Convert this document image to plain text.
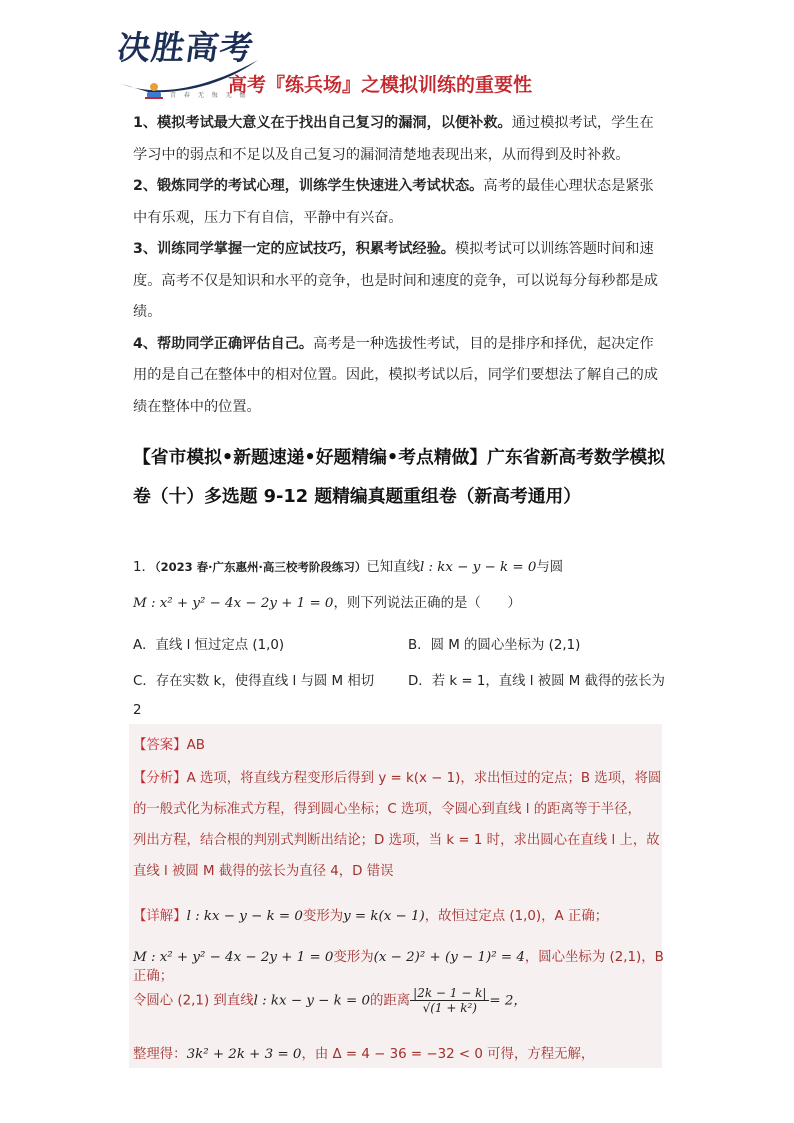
决胜高考
青 春 无 悔 无 憾
高考『练兵场』之模拟训练的重要性

1、模拟考试最大意义在于找出自己复习的漏洞，以便补救。通过模拟考试，学生在学习中的弱点和不足以及自己复习的漏洞清楚地表现出来，从而得到及时补救。

2、锻炼同学的考试心理，训练学生快速进入考试状态。高考的最佳心理状态是紧张中有乐观，压力下有自信，平静中有兴奋。

3、训练同学掌握一定的应试技巧，积累考试经验。模拟考试可以训练答题时间和速度。高考不仅是知识和水平的竞争，也是时间和速度的竞争，可以说每分每秒都是成绩。

4、帮助同学正确评估自己。高考是一种选拔性考试，目的是排序和择优，起决定作用的是自己在整体中的相对位置。因此，模拟考试以后，同学们要想法了解自己的成绩在整体中的位置。

【省市模拟•新题速递•好题精编•考点精做】广东省新高考数学模拟卷（十）多选题 9-12 题精编真题重组卷（新高考通用）
1．（2023 春·广东惠州·高三校考阶段练习）已知直线l : kx − y − k = 0与圆
M : x² + y² − 4x − 2y + 1 = 0，则下列说法正确的是（　　）
A．直线 l 恒过定点 (1,0)	B．圆 M 的圆心坐标为 (2,1)
C．存在实数 k，使得直线 l 与圆 M 相切	D．若 k = 1，直线 l 被圆 M 截得的弦长为
2
【答案】AB

【分析】A 选项，将直线方程变形后得到 y = k(x − 1)，求出恒过的定点；B 选项，将圆

的一般式化为标准式方程，得到圆心坐标；C 选项，令圆心到直线 l 的距离等于半径，

列出方程，结合根的判别式判断出结论；D 选项，当 k = 1 时，求出圆心在直线 l 上，故

直线 l 被圆 M 截得的弦长为直径 4，D 错误

【详解】l : kx − y − k = 0变形为y = k(x − 1)，故恒过定点 (1,0)，A 正确；
M : x² + y² − 4x − 2y + 1 = 0变形为(x − 2)² + (y − 1)² = 4，圆心坐标为 (2,1)，B 正确；
令圆心 (2,1) 到直线l : kx − y − k = 0的距离 $\frac{|2k - 1 - k|}{\text{√(1 + k²)}} = 2$，
整理得：3k² + 2k + 3 = 0，由 Δ = 4 − 36 = −32 < 0 可得，方程无解，
